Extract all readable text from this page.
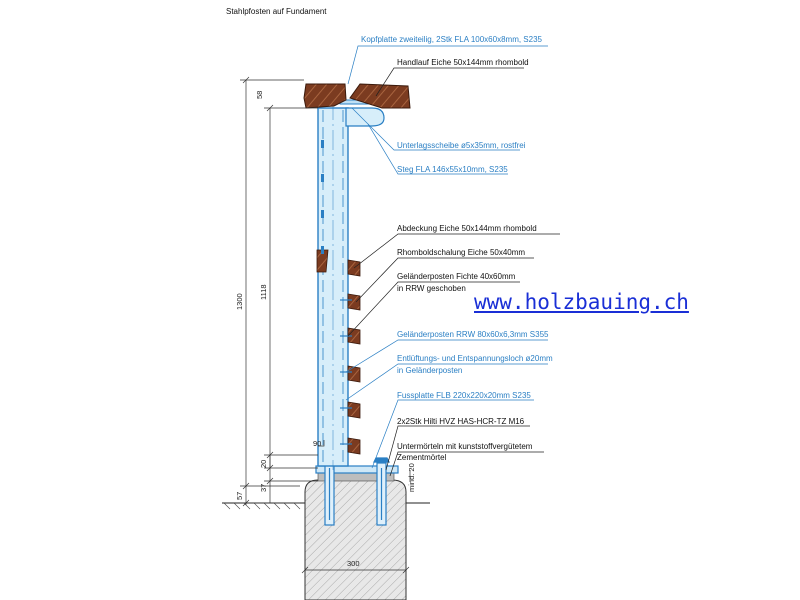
Stahlpfosten auf Fundament
58
1300
1118
20
37
57
90
300
mind. 20
Kopfplatte zweiteilig, 2Stk FLA 100x60x8mm, S235
Handlauf Eiche 50x144mm rhombold
Unterlagsscheibe ø5x35mm, rostfrei
Steg FLA 146x55x10mm, S235
Abdeckung Eiche 50x144mm rhombold
Rhomboldschalung Eiche 50x40mm
Geländerposten Fichte 40x60mm
in RRW geschoben
Geländerposten RRW 80x60x6,3mm S355
Entlüftungs- und Entspannungsloch ø20mm
in Geländerposten
Fussplatte FLB 220x220x20mm S235
2x2Stk Hilti HVZ HAS-HCR-TZ M16
Untermörteln mit kunststoffvergütetem
Zementmörtel
www.holzbauing.ch
